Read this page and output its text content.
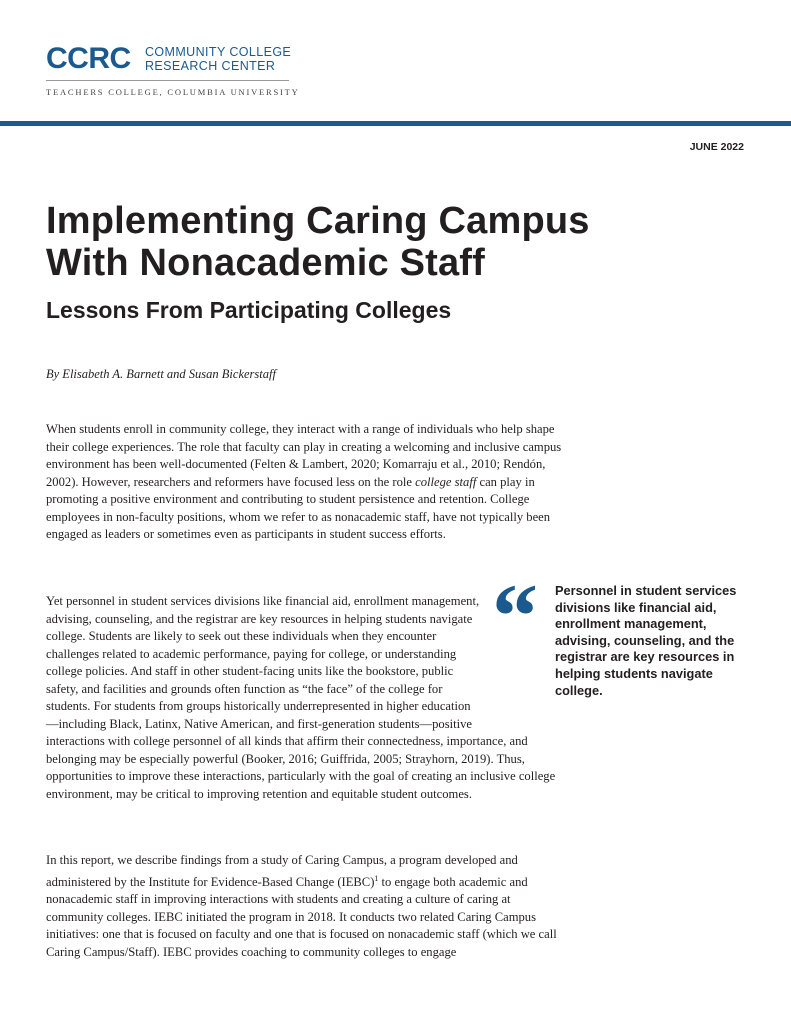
CCRC COMMUNITY COLLEGE
RESEARCH CENTER
TEACHERS COLLEGE, COLUMBIA UNIVERSITY
JUNE 2022
Implementing Caring Campus
With Nonacademic Staff
Lessons From Participating Colleges
By Elisabeth A. Barnett and Susan Bickerstaff

When students enroll in community college, they interact with a range of individuals who help shape their college experiences. The role that faculty can play in creating a welcoming and inclusive campus environment has been well-documented (Felten & Lambert, 2020; Komarraju et al., 2010; Rendón, 2002). However, researchers and reformers have focused less on the role college staff can play in promoting a positive environment and contributing to student persistence and retention. College employees in non-faculty positions, whom we refer to as nonacademic staff, have not typically been engaged as leaders or sometimes even as participants in student success efforts.

Yet personnel in student services divisions like financial aid, enrollment management, advising, counseling, and the registrar are key resources in helping students navigate college. Students are likely to seek out these individuals when they encounter challenges related to academic performance, paying for college, or understanding college policies. And staff in other student-facing units like the bookstore, public safety, and facilities and grounds often function as “the face” of the college for students. For students from groups historically underrepresented in higher education—including Black, Latinx, Native American, and first-generation students—positive interactions with college personnel of all kinds that affirm their connectedness, importance, and belonging may be especially powerful (Booker, 2016; Guiffrida, 2005; Strayhorn, 2019). Thus, opportunities to improve these interactions, particularly with the goal of creating an inclusive college environment, may be critical to improving retention and equitable student outcomes.

In this report, we describe findings from a study of Caring Campus, a program developed and administered by the Institute for Evidence-Based Change (IEBC)$^1$ to engage both academic and nonacademic staff in improving interactions with students and creating a culture of caring at community colleges. IEBC initiated the program in 2018. It conducts two related Caring Campus initiatives: one that is focused on faculty and one that is focused on nonacademic staff (which we call Caring Campus/Staff). IEBC provides coaching to community colleges to engage

“ Personnel in student services divisions like financial aid, enrollment management, advising, counseling, and the registrar are key resources in helping students navigate college.
